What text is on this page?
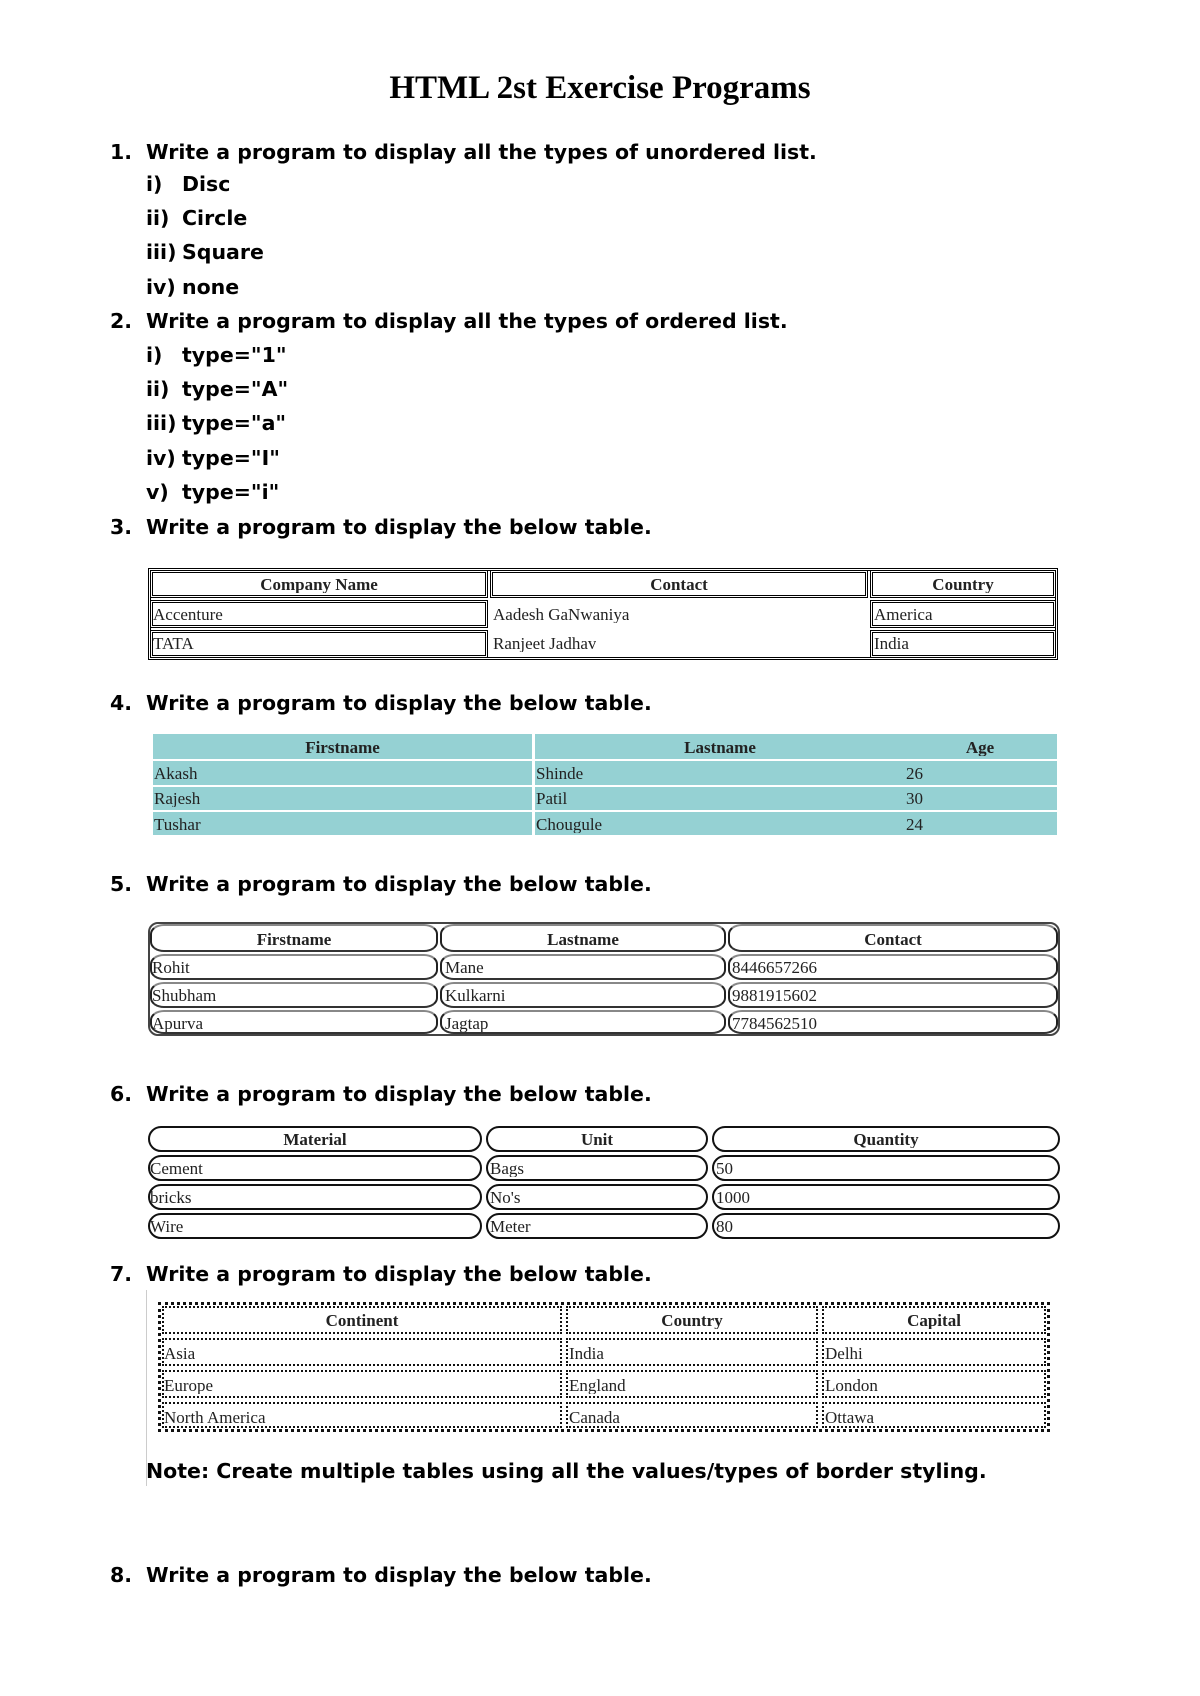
HTML 2st Exercise Programs
1. Write a program to display all the types of unordered list.
i) Disc
ii) Circle
iii) Square
iv) none
2. Write a program to display all the types of ordered list.
i) type="1"
ii) type="A"
iii) type="a"
iv) type="I"
v) type="i"
3. Write a program to display the below table.
Company Name	Contact	Country
Accenture	Aadesh GaNwaniya	America
TATA	Ranjeet Jadhav	India
4. Write a program to display the below table.
Firstname	Lastname	Age
Akash	Shinde	26
Rajesh	Patil	30
Tushar	Chougule	24
5. Write a program to display the below table.
Firstname	Lastname	Contact
Rohit	Mane	8446657266
Shubham	Kulkarni	9881915602
Apurva	Jagtap	7784562510
6. Write a program to display the below table.
Material	Unit	Quantity
Cement	Bags	50
bricks	No's	1000
Wire	Meter	80
7. Write a program to display the below table.
Continent	Country	Capital
Asia	India	Delhi
Europe	England	London
North America	Canada	Ottawa
Note: Create multiple tables using all the values/types of border styling.
8. Write a program to display the below table.
